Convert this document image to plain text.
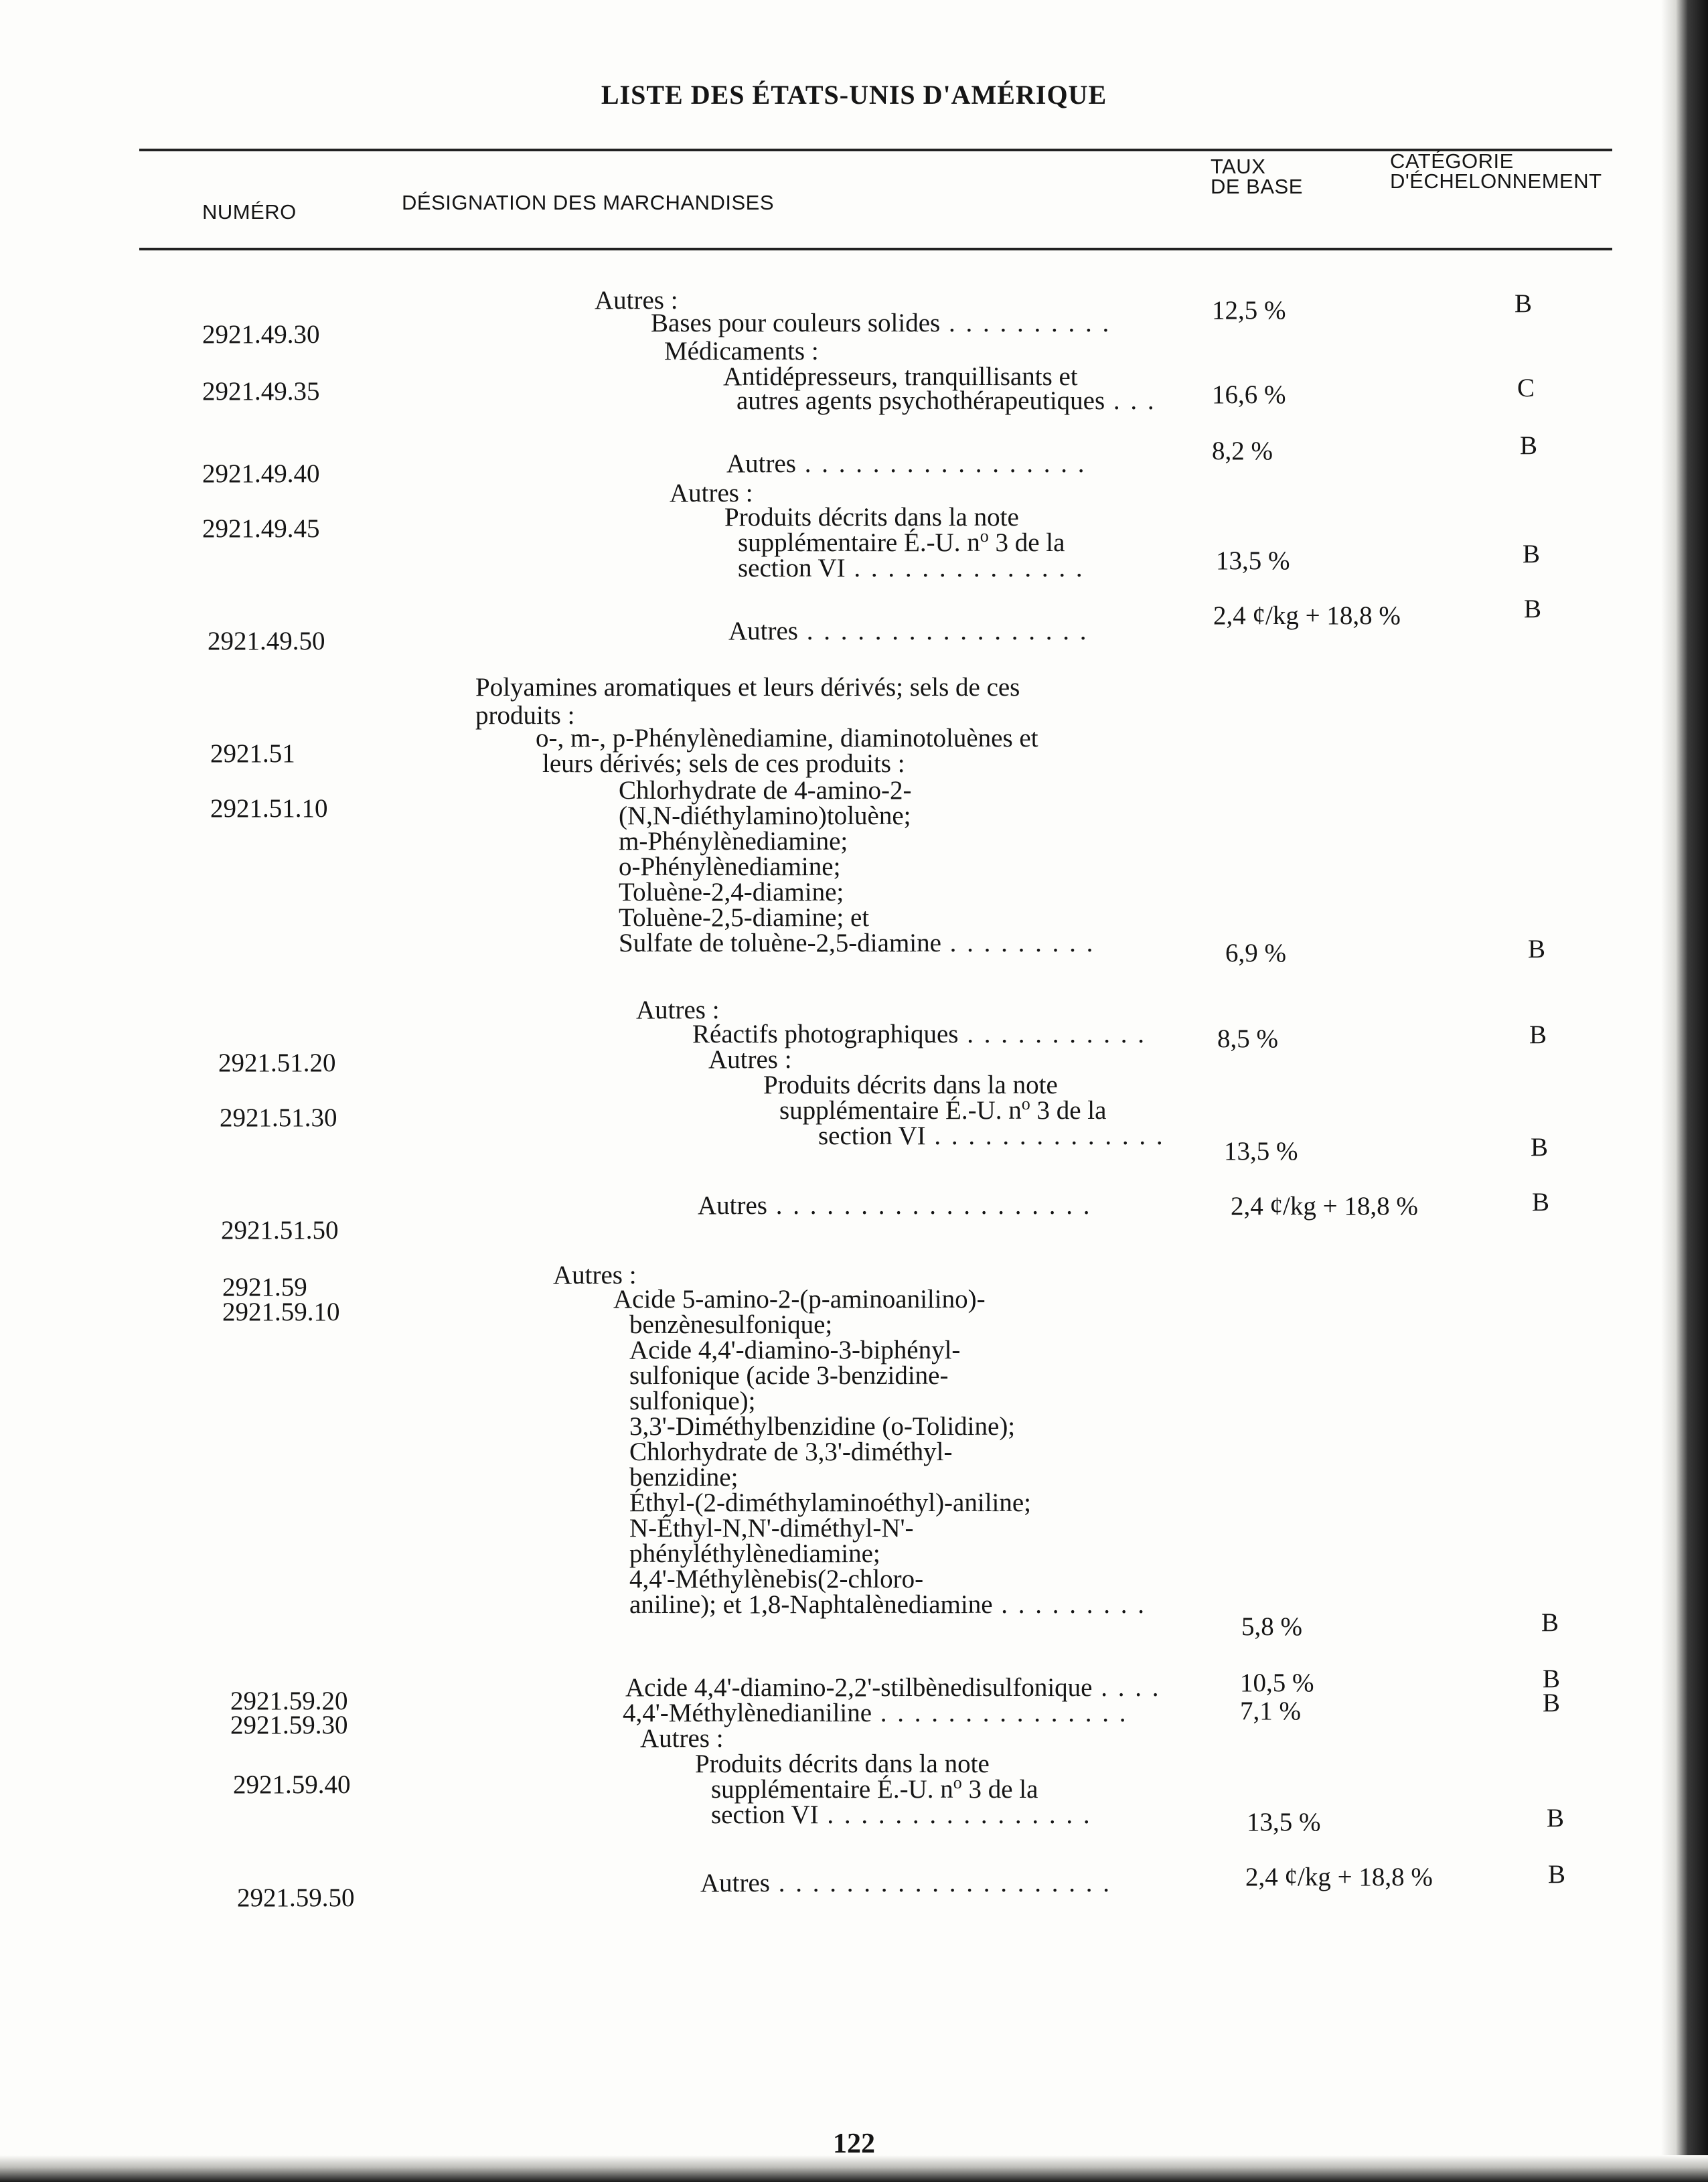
LISTE DES ÉTATS-UNIS D'AMÉRIQUE
NUMÉRO	DÉSIGNATION DES MARCHANDISES
TAUX
DE BASE
CATÉGORIE
D'ÉCHELONNEMENT
2921.49.30
2921.49.35
2921.49.40
2921.49.45
2921.49.50
2921.51
2921.51.10
2921.51.20
2921.51.30
2921.51.50
2921.59
2921.59.10
2921.59.20
2921.59.30
2921.59.40
2921.59.50
Autres :
Bases pour couleurs solides . . . . . . . . . .
Médicaments :
Antidépresseurs, tranquillisants et
autres agents psychothérapeutiques . . .
Autres . . . . . . . . . . . . . . . . .
Autres :
Produits décrits dans la note
supplémentaire É.-U. $n^o$ 3 de la
section VI . . . . . . . . . . . . . .
Autres . . . . . . . . . . . . . . . . .
Polyamines aromatiques et leurs dérivés; sels de ces
produits :
o-, m-, p-Phénylènediamine, diaminotoluènes et
leurs dérivés; sels de ces produits :
Chlorhydrate de 4-amino-2-
(N,N-diéthylamino)toluène;
m-Phénylènediamine;
o-Phénylènediamine;
Toluène-2,4-diamine;
Toluène-2,5-diamine; et
Sulfate de toluène-2,5-diamine . . . . . . . . .
Autres :
Réactifs photographiques . . . . . . . . . . .
Autres :
Produits décrits dans la note
supplémentaire É.-U. $n^o$ 3 de la
section VI . . . . . . . . . . . . . .
Autres . . . . . . . . . . . . . . . . . . .
Autres :
Acide 5-amino-2-(p-aminoanilino)-
benzènesulfonique;
Acide 4,4'-diamino-3-biphényl-
sulfonique (acide 3-benzidine-
sulfonique);
3,3'-Diméthylbenzidine (o-Tolidine);
Chlorhydrate de 3,3'-diméthyl-
benzidine;
Éthyl-(2-diméthylaminoéthyl)-aniline;
N-Éthyl-N,N'-diméthyl-N'-
phényléthylènediamine;
4,4'-Méthylènebis(2-chloro-
aniline); et 1,8-Naphtalènediamine . . . . . . . . .
Acide 4,4'-diamino-2,2'-stilbènedisulfonique . . . .
4,4'-Méthylènedianiline . . . . . . . . . . . . . . .
Autres :
Produits décrits dans la note
supplémentaire É.-U. $n^o$ 3 de la
section VI . . . . . . . . . . . . . . . .
Autres . . . . . . . . . . . . . . . . . . . .
12,5 %
16,6 %
8,2 %
13,5 %
2,4 ¢/kg + 18,8 %
6,9 %
8,5 %
13,5 %
2,4 ¢/kg + 18,8 %
5,8 %
10,5 %
7,1 %
13,5 %
2,4 ¢/kg + 18,8 %
B
C
B
B
B
B
B
B
B
B
B
B
B
B
122
